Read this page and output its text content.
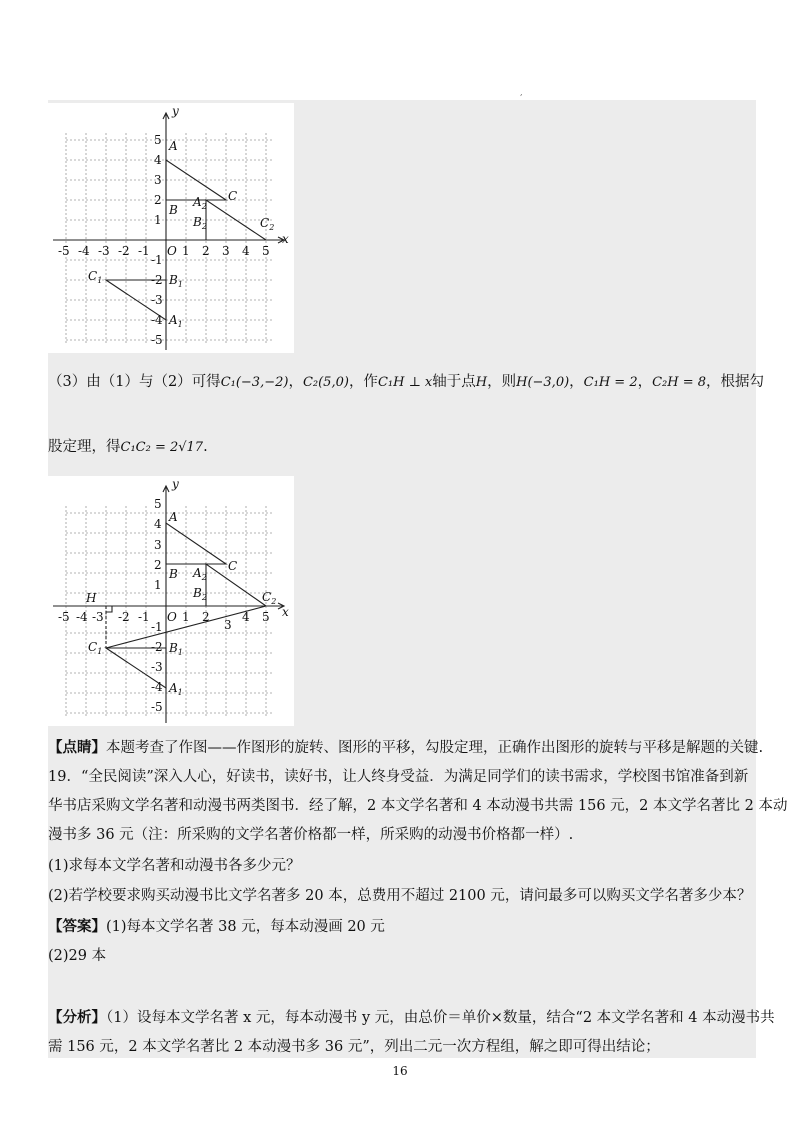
,
y
x
O
-5 -4 -3 -2 -1	1 2 3 4 5
1
2
3
4
5
-1
-2
-3
-4
-5
A
B
C
$A_2$
$B_2$	$C_2$
$C_1$	$B_1$
$A_1$
（3）由（1）与（2）可得C₁(−3,−2)，C₂(5,0)，作C₁H ⊥ x轴于点H，则H(−3,0)，C₁H = 2，C₂H = 8，根据勾
股定理，得C₁C₂ = 2√17.
y
x
O
-5 -4 -3 -2 -1	1 2	4 5
3
H
1
2
3
4
5
-1
-2
-3
-4
-5
A
B
C
$A_2$
$B_2$	$C_2$
$C_1$	$B_1$
$A_1$
【点睛】本题考查了作图——作图形的旋转、图形的平移，勾股定理，正确作出图形的旋转与平移是解题的关键.
19．“全民阅读”深入人心，好读书，读好书，让人终身受益．为满足同学们的读书需求，学校图书馆准备到新
华书店采购文学名著和动漫书两类图书．经了解，2 本文学名著和 4 本动漫书共需 156 元，2 本文学名著比 2 本动
漫书多 36 元（注：所采购的文学名著价格都一样，所采购的动漫书价格都一样）.
(1)求每本文学名著和动漫书各多少元？
(2)若学校要求购买动漫书比文学名著多 20 本，总费用不超过 2100 元，请问最多可以购买文学名著多少本？
【答案】(1)每本文学名著 38 元，每本动漫画 20 元
(2)29 本
【分析】（1）设每本文学名著 x 元，每本动漫书 y 元，由总价＝单价×数量，结合“2 本文学名著和 4 本动漫书共
需 156 元，2 本文学名著比 2 本动漫书多 36 元”，列出二元一次方程组，解之即可得出结论；
16
